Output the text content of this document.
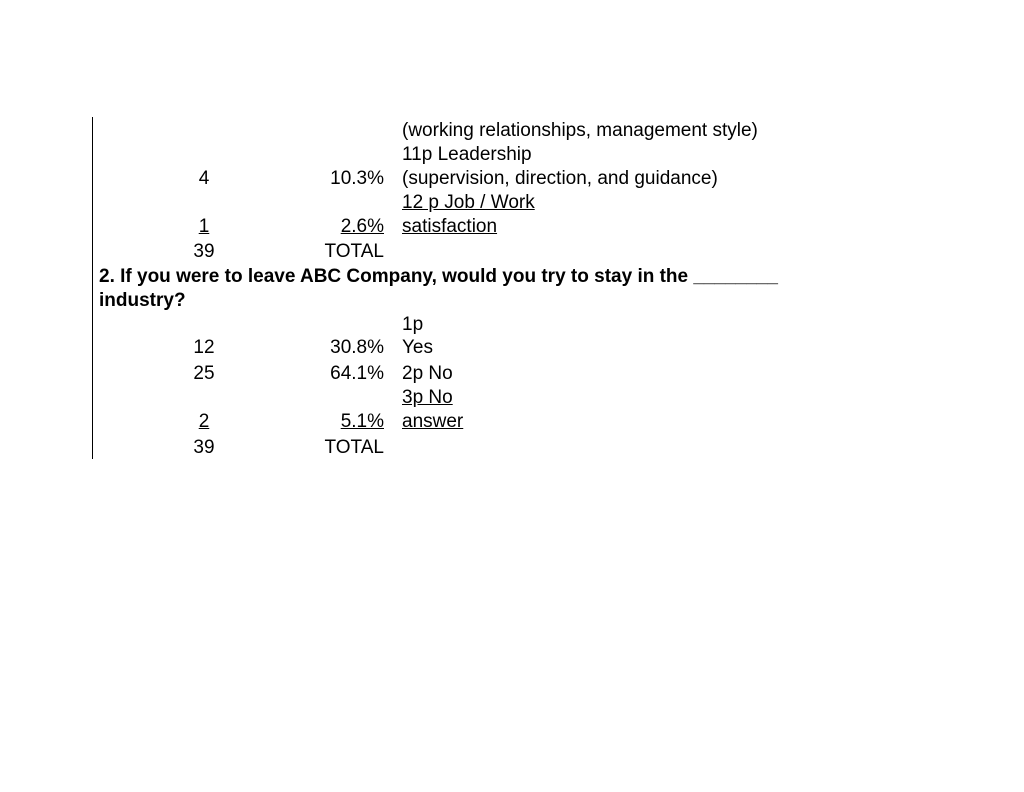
(working relationships, management style)
11p Leadership
4	10.3% (supervision, direction, and guidance)
12 p Job / Work
1	2.6% satisfaction
39	TOTAL
2. If you were to leave ABC Company, would you try to stay in the ________
industry?
1p
12	30.8% Yes
25	64.1% 2p No
3p No
2	5.1% answer
39	TOTAL
